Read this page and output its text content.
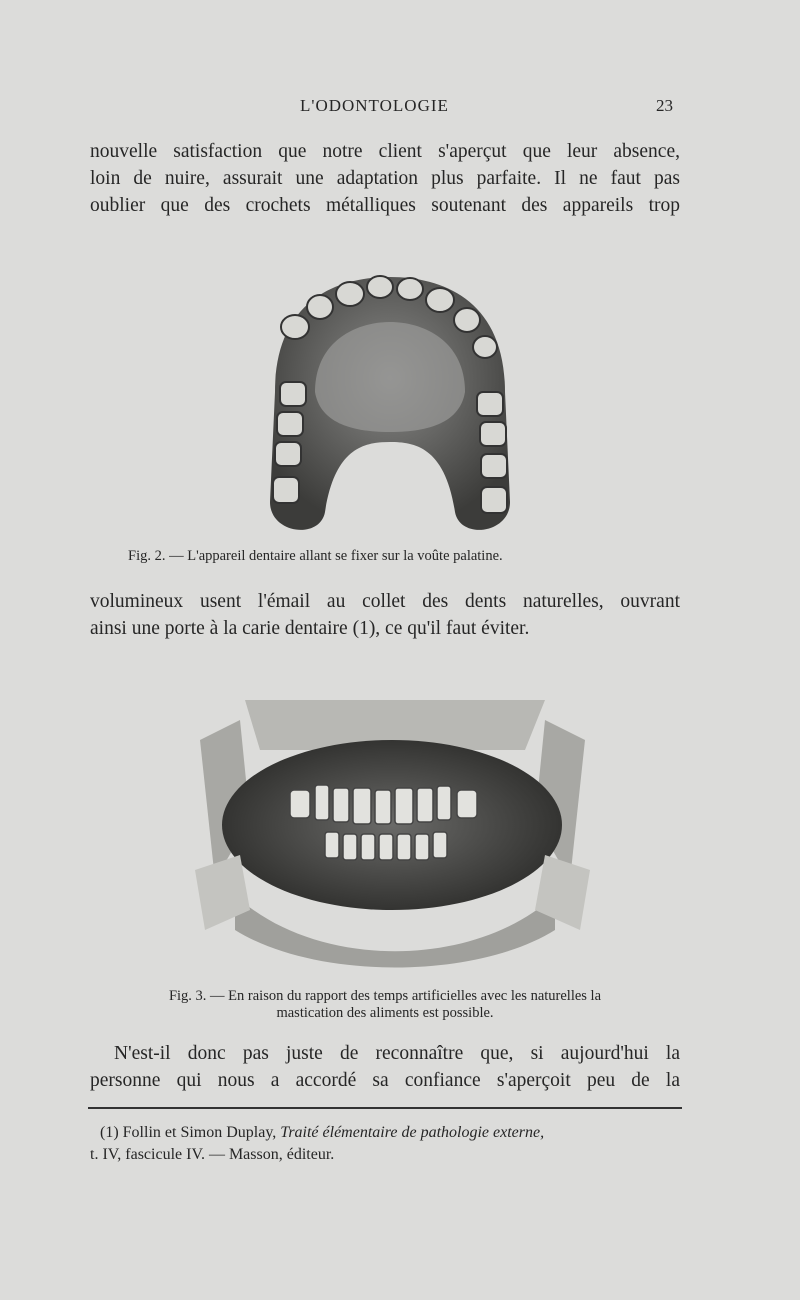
L'ODONTOLOGIE	23

nouvelle satisfaction que notre client s'aperçut que leur absence,
loin de nuire, assurait une adaptation plus parfaite. Il ne faut pas
oublier que des crochets métalliques soutenant des appareils trop

Fig. 2. — L'appareil dentaire allant se fixer sur la voûte palatine.

volumineux usent l'émail au collet des dents naturelles, ouvrant
ainsi une porte à la carie dentaire (1), ce qu'il faut éviter.

Fig. 3. — En raison du rapport des temps artificielles avec les naturelles la
mastication des aliments est possible.

N'est-il donc pas juste de reconnaître que, si aujourd'hui la
personne qui nous a accordé sa confiance s'aperçoit peu de la

(1) Follin et Simon Duplay, Traité élémentaire de pathologie externe,
t. IV, fascicule IV. — Masson, éditeur.
